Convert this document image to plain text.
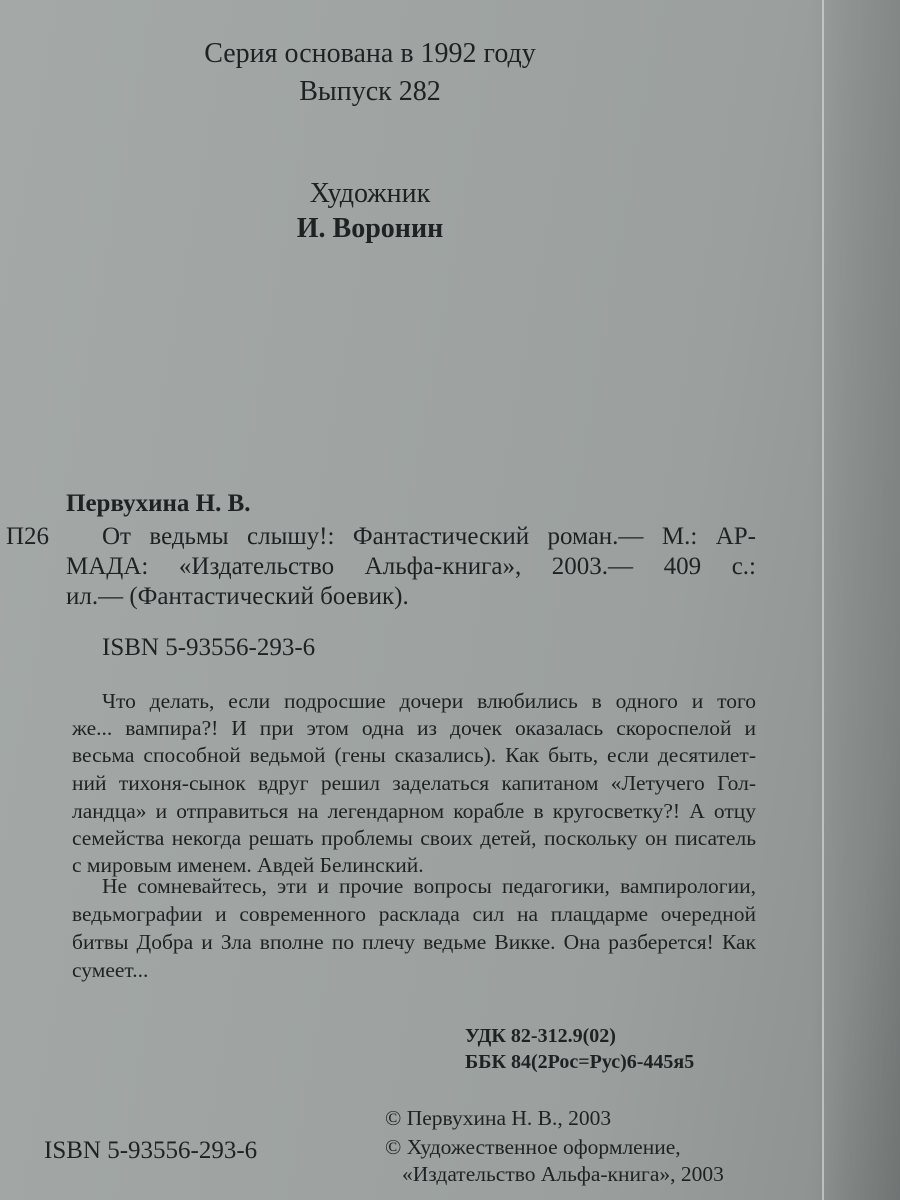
Серия основана в 1992 году

Выпуск 282

Художник

И. Воронин

Первухина Н. В.

П26 От ведьмы слышу!: Фантастический роман.— М.: АР-

МАДА: «Издательство Альфа-книга», 2003.— 409 с.:

ил.— (Фантастический боевик).

ISBN 5-93556-293-6

Что делать, если подросшие дочери влюбились в одного и того

же... вампира?! И при этом одна из дочек оказалась скороспелой и

весьма способной ведьмой (гены сказались). Как быть, если десятилет-

ний тихоня-сынок вдруг решил заделаться капитаном «Летучего Гол-

ландца» и отправиться на легендарном корабле в кругосветку?! А отцу

семейства некогда решать проблемы своих детей, поскольку он писатель

с мировым именем. Авдей Белинский.

Не сомневайтесь, эти и прочие вопросы педагогики, вампирологии,

ведьмографии и современного расклада сил на плацдарме очередной

битвы Добра и Зла вполне по плечу ведьме Викке. Она разберется! Как

сумеет...

УДК 82-312.9(02)

ББК 84(2Рос=Рус)6-445я5

© Первухина Н. В., 2003

ISBN 5-93556-293-6	© Художественное оформление,

«Издательство Альфа-книга», 2003
